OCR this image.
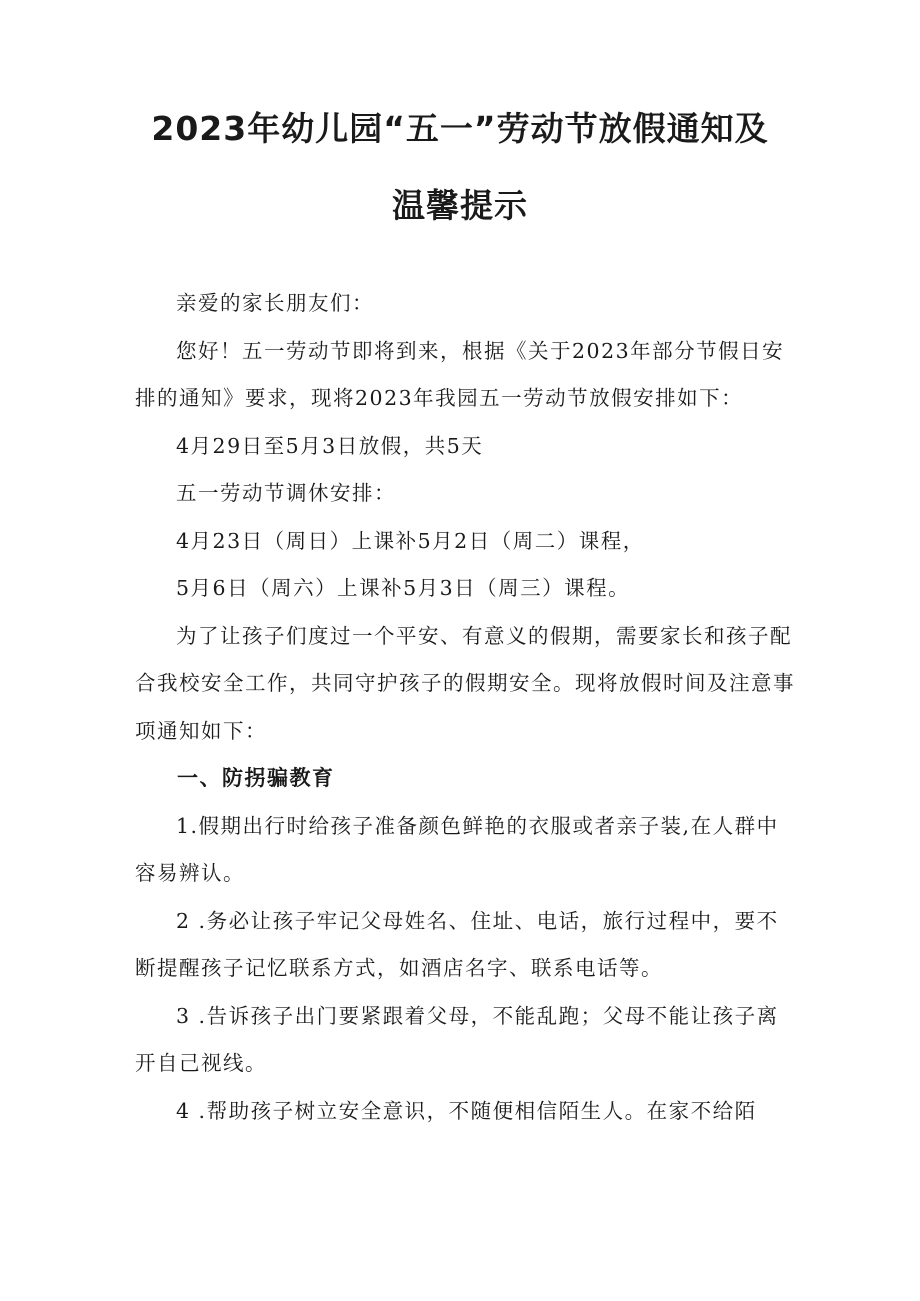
2023年幼儿园“五一”劳动节放假通知及
温馨提示

亲爱的家长朋友们：

您好！五一劳动节即将到来，根据《关于2023年部分节假日安排的通知》要求，现将2023年我园五一劳动节放假安排如下：

4月29日至5月3日放假，共5天

五一劳动节调休安排：

4月23日（周日）上课补5月2日（周二）课程，

5月6日（周六）上课补5月3日（周三）课程。

为了让孩子们度过一个平安、有意义的假期，需要家长和孩子配合我校安全工作，共同守护孩子的假期安全。现将放假时间及注意事项通知如下：

一、防拐骗教育

1.假期出行时给孩子准备颜色鲜艳的衣服或者亲子装,在人群中容易辨认。

2 .务必让孩子牢记父母姓名、住址、电话，旅行过程中，要不断提醒孩子记忆联系方式，如酒店名字、联系电话等。

3 .告诉孩子出门要紧跟着父母，不能乱跑；父母不能让孩子离开自己视线。

4 .帮助孩子树立安全意识，不随便相信陌生人。在家不给陌
